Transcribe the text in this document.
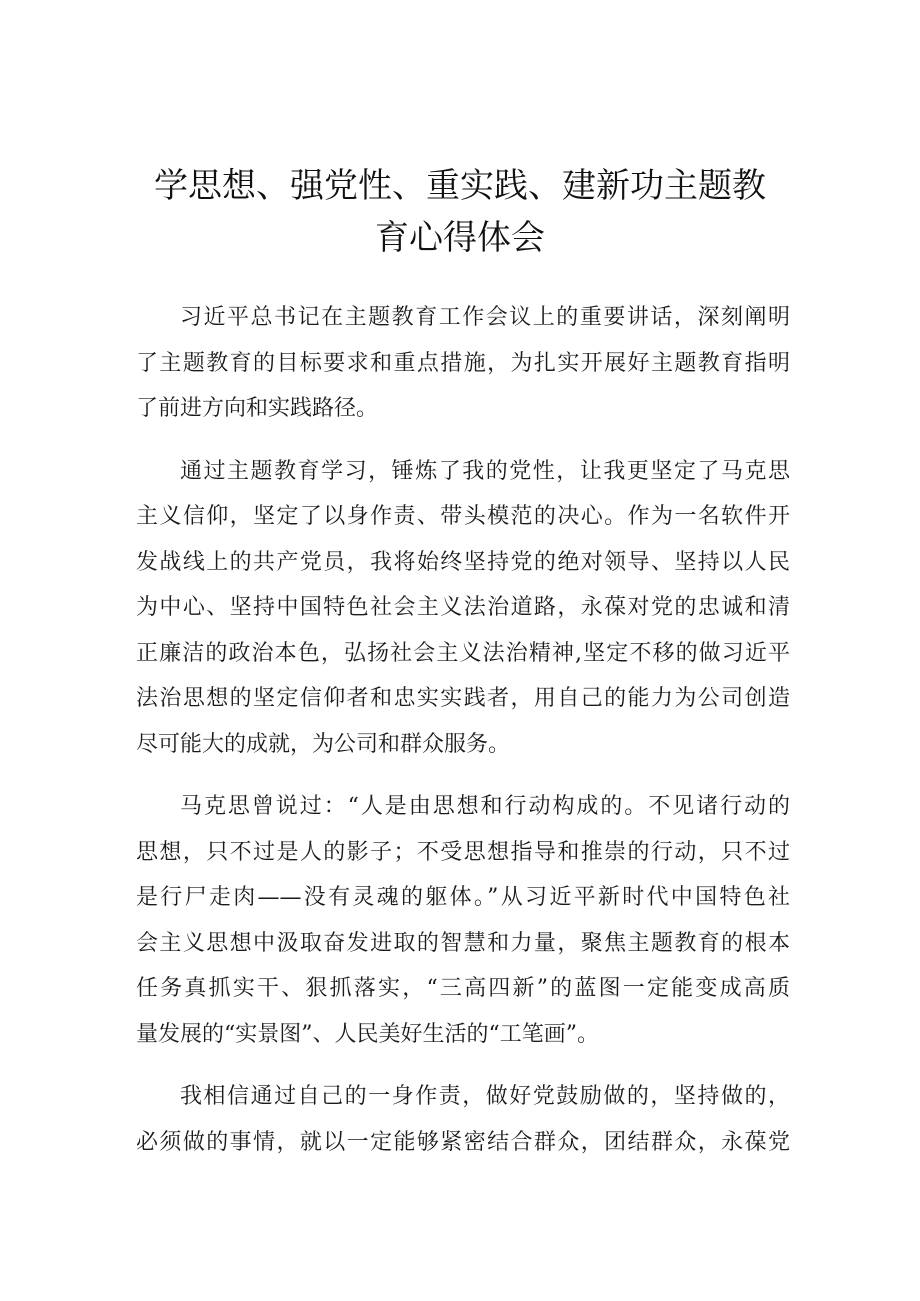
学思想、强党性、重实践、建新功主题教
育心得体会
习近平总书记在主题教育工作会议上的重要讲话，深刻阐明
了主题教育的目标要求和重点措施，为扎实开展好主题教育指明
了前进方向和实践路径。
通过主题教育学习，锤炼了我的党性，让我更坚定了马克思
主义信仰，坚定了以身作责、带头模范的决心。作为一名软件开
发战线上的共产党员，我将始终坚持党的绝对领导、坚持以人民
为中心、坚持中国特色社会主义法治道路，永葆对党的忠诚和清
正廉洁的政治本色，弘扬社会主义法治精神,坚定不移的做习近平
法治思想的坚定信仰者和忠实实践者，用自己的能力为公司创造
尽可能大的成就，为公司和群众服务。
马克思曾说过：“人是由思想和行动构成的。不见诸行动的
思想，只不过是人的影子；不受思想指导和推崇的行动，只不过
是行尸走肉——没有灵魂的躯体。”从习近平新时代中国特色社
会主义思想中汲取奋发进取的智慧和力量，聚焦主题教育的根本
任务真抓实干、狠抓落实，“三高四新”的蓝图一定能变成高质
量发展的“实景图”、人民美好生活的“工笔画”。
我相信通过自己的一身作责，做好党鼓励做的，坚持做的，
必须做的事情，就以一定能够紧密结合群众，团结群众，永葆党
